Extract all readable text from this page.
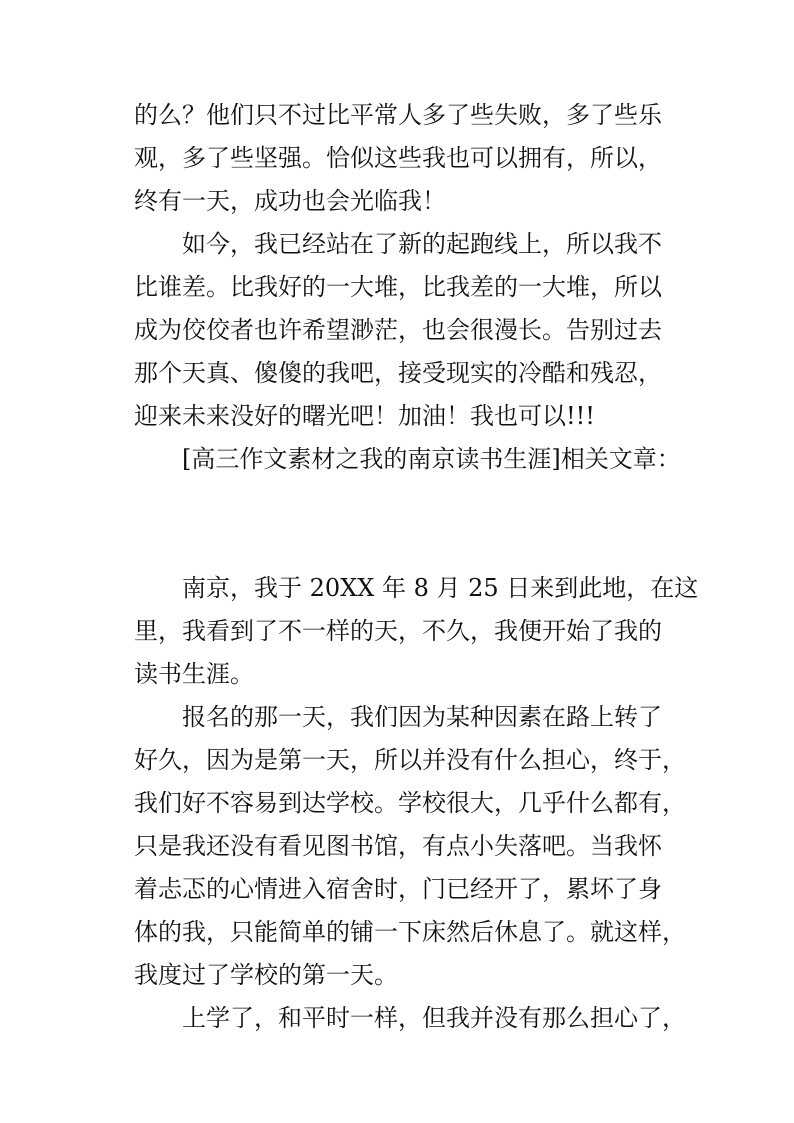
的么？他们只不过比平常人多了些失败，多了些乐
观，多了些坚强。恰似这些我也可以拥有，所以，
终有一天，成功也会光临我！
如今，我已经站在了新的起跑线上，所以我不
比谁差。比我好的一大堆，比我差的一大堆，所以
成为佼佼者也许希望渺茫，也会很漫长。告别过去
那个天真、傻傻的我吧，接受现实的冷酷和残忍，
迎来未来没好的曙光吧！加油！我也可以!!!
[高三作文素材之我的南京读书生涯]相关文章：
南京，我于 20XX 年 8 月 25 日来到此地，在这
里，我看到了不一样的天，不久，我便开始了我的
读书生涯。
报名的那一天，我们因为某种因素在路上转了
好久，因为是第一天，所以并没有什么担心，终于，
我们好不容易到达学校。学校很大，几乎什么都有，
只是我还没有看见图书馆，有点小失落吧。当我怀
着忐忑的心情进入宿舍时，门已经开了，累坏了身
体的我，只能简单的铺一下床然后休息了。就这样，
我度过了学校的第一天。
上学了，和平时一样，但我并没有那么担心了，
